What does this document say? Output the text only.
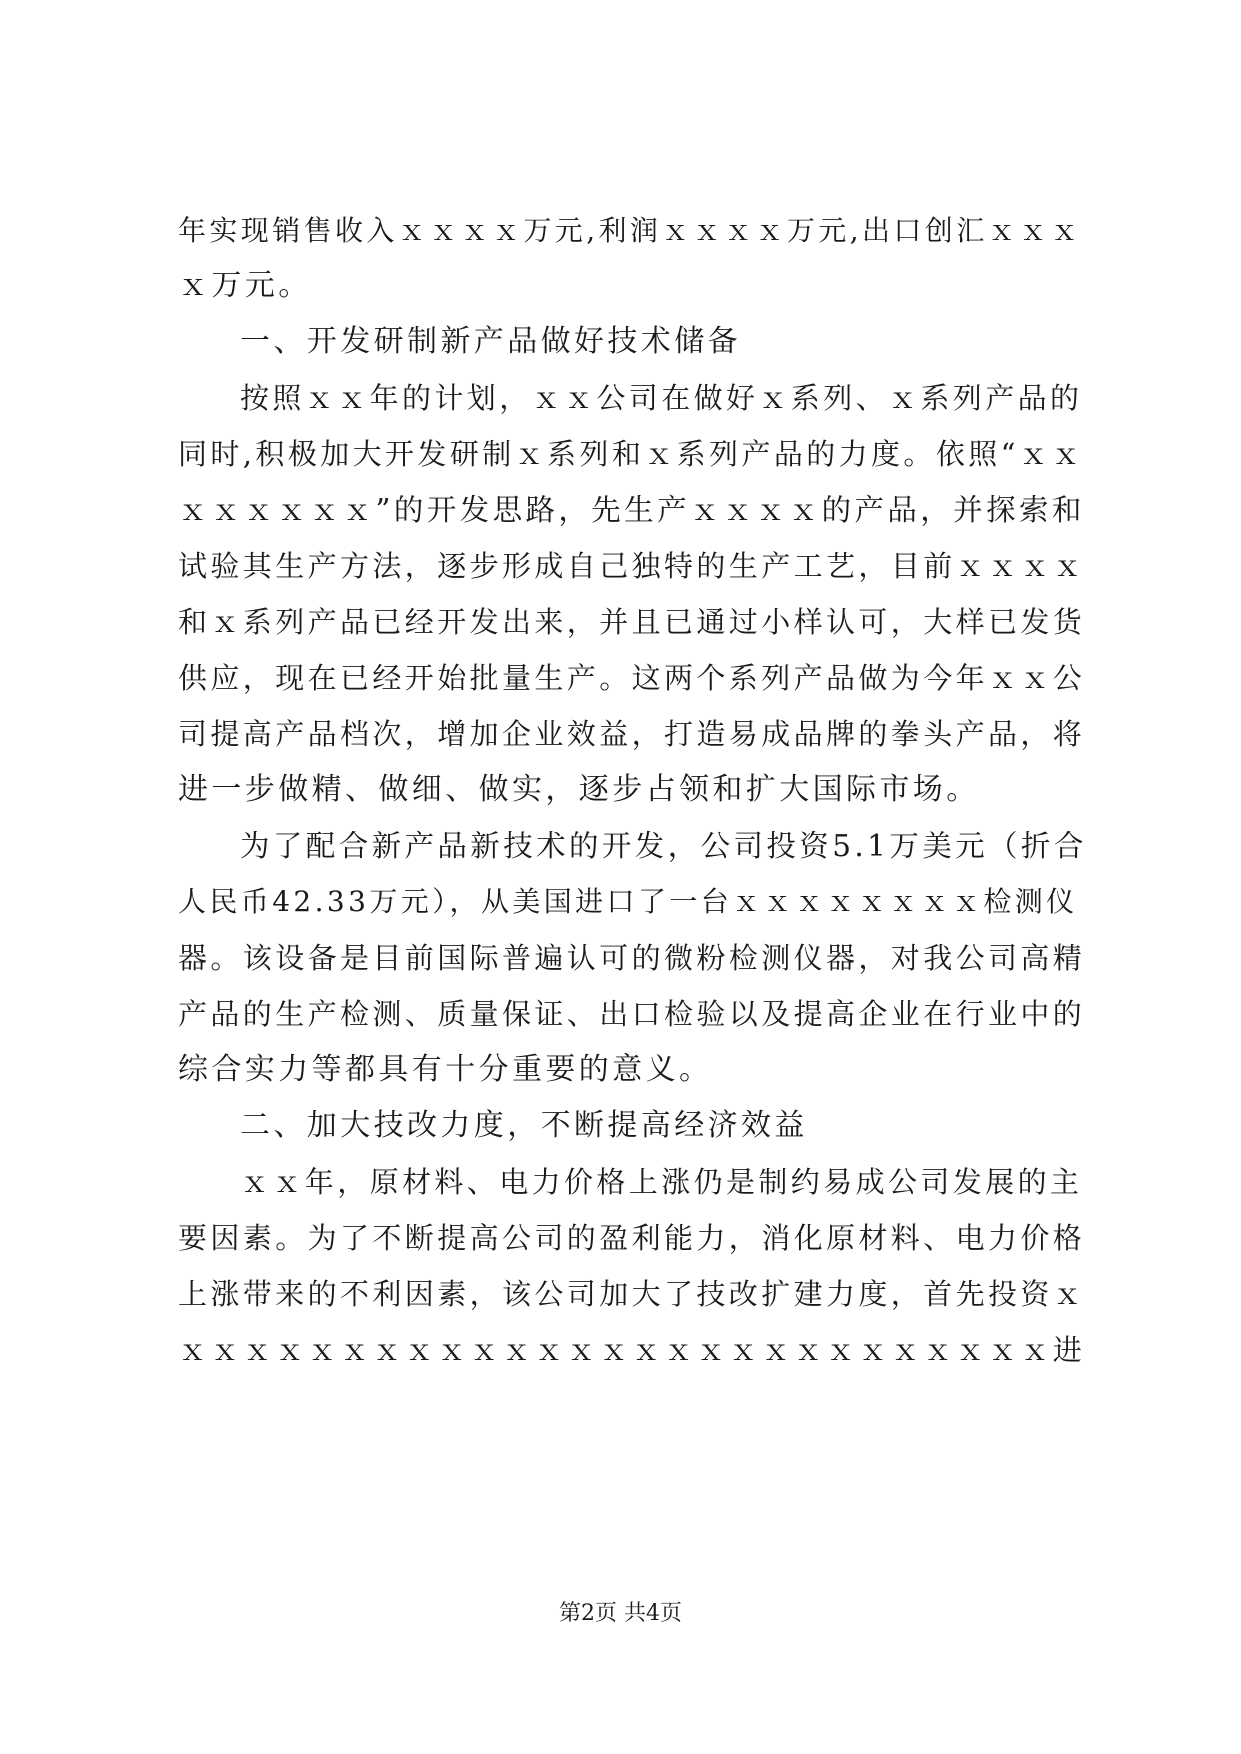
年实现销售收入ｘｘｘｘ万元,利润ｘｘｘｘ万元,出口创汇ｘｘｘ
ｘ万元。
一、开发研制新产品做好技术储备
按照ｘｘ年的计划，ｘｘ公司在做好ｘ系列、ｘ系列产品的
同时,积极加大开发研制ｘ系列和ｘ系列产品的力度。依照“ｘｘ
ｘｘｘｘｘｘ”的开发思路，先生产ｘｘｘｘ的产品，并探索和
试验其生产方法，逐步形成自己独特的生产工艺，目前ｘｘｘｘ
和ｘ系列产品已经开发出来，并且已通过小样认可，大样已发货
供应，现在已经开始批量生产。这两个系列产品做为今年ｘｘ公
司提高产品档次，增加企业效益，打造易成品牌的拳头产品，将
进一步做精、做细、做实，逐步占领和扩大国际市场。
为了配合新产品新技术的开发，公司投资5.1万美元（折合
人民币42.33万元），从美国进口了一台ｘｘｘｘｘｘｘｘ检测仪
器。该设备是目前国际普遍认可的微粉检测仪器，对我公司高精
产品的生产检测、质量保证、出口检验以及提高企业在行业中的
综合实力等都具有十分重要的意义。
二、加大技改力度，不断提高经济效益
ｘｘ年，原材料、电力价格上涨仍是制约易成公司发展的主
要因素。为了不断提高公司的盈利能力，消化原材料、电力价格
上涨带来的不利因素，该公司加大了技改扩建力度，首先投资ｘ
ｘｘｘｘｘｘｘｘｘｘｘｘｘｘｘｘｘｘｘｘｘｘｘｘｘｘｘ进
第2页 共4页
